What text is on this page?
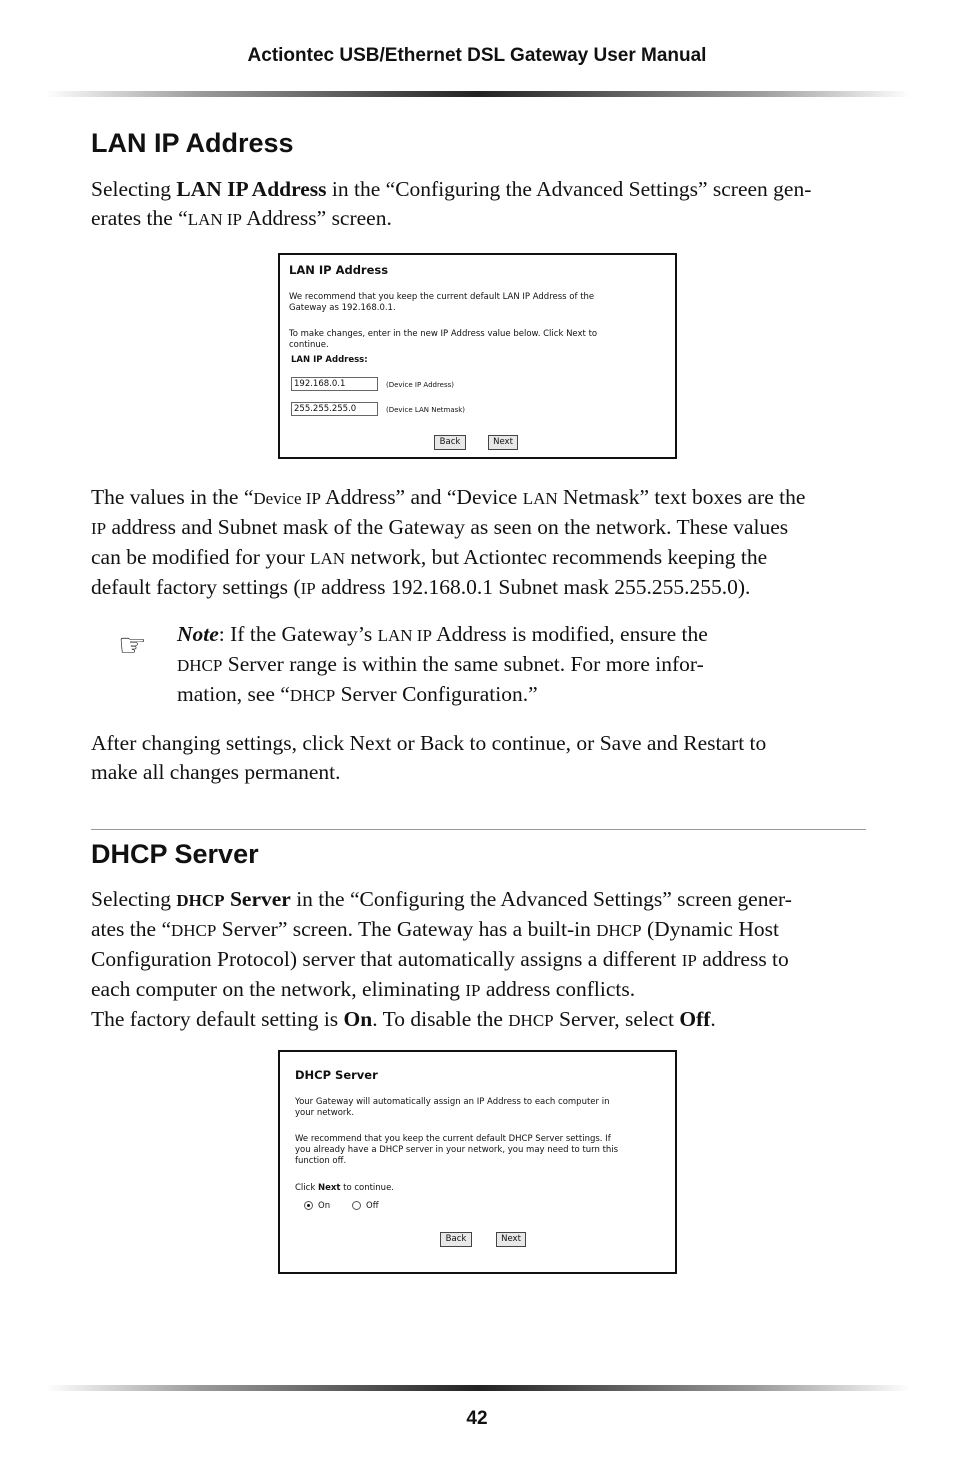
Actiontec USB/Ethernet DSL Gateway User Manual
LAN IP Address
Selecting LAN IP Address in the “Configuring the Advanced Settings” screen gen-
erates the “LAN IP Address” screen.
LAN IP Address
We recommend that you keep the current default LAN IP Address of the
Gateway as 192.168.0.1.
To make changes, enter in the new IP Address value below. Click Next to
continue.
LAN IP Address:
192.168.0.1	(Device IP Address)
255.255.255.0	(Device LAN Netmask)
Back	Next
The values in the “Device IP Address” and “Device LAN Netmask” text boxes are the
IP address and Subnet mask of the Gateway as seen on the network. These values
can be modified for your LAN network, but Actiontec recommends keeping the
default factory settings (IP address 192.168.0.1 Subnet mask 255.255.255.0).
☞ Note: If the Gateway’s LAN IP Address is modified, ensure the
DHCP Server range is within the same subnet. For more infor-
mation, see “DHCP Server Configuration.”
After changing settings, click Next or Back to continue, or Save and Restart to
make all changes permanent.
DHCP Server
Selecting DHCP Server in the “Configuring the Advanced Settings” screen gener-
ates the “DHCP Server” screen. The Gateway has a built-in DHCP (Dynamic Host
Configuration Protocol) server that automatically assigns a different IP address to
each computer on the network, eliminating IP address conflicts.
The factory default setting is On. To disable the DHCP Server, select Off.
DHCP Server
Your Gateway will automatically assign an IP Address to each computer in
your network.
We recommend that you keep the current default DHCP Server settings. If
you already have a DHCP server in your network, you may need to turn this
function off.
Click Next to continue.
On	Off
Back	Next
42
